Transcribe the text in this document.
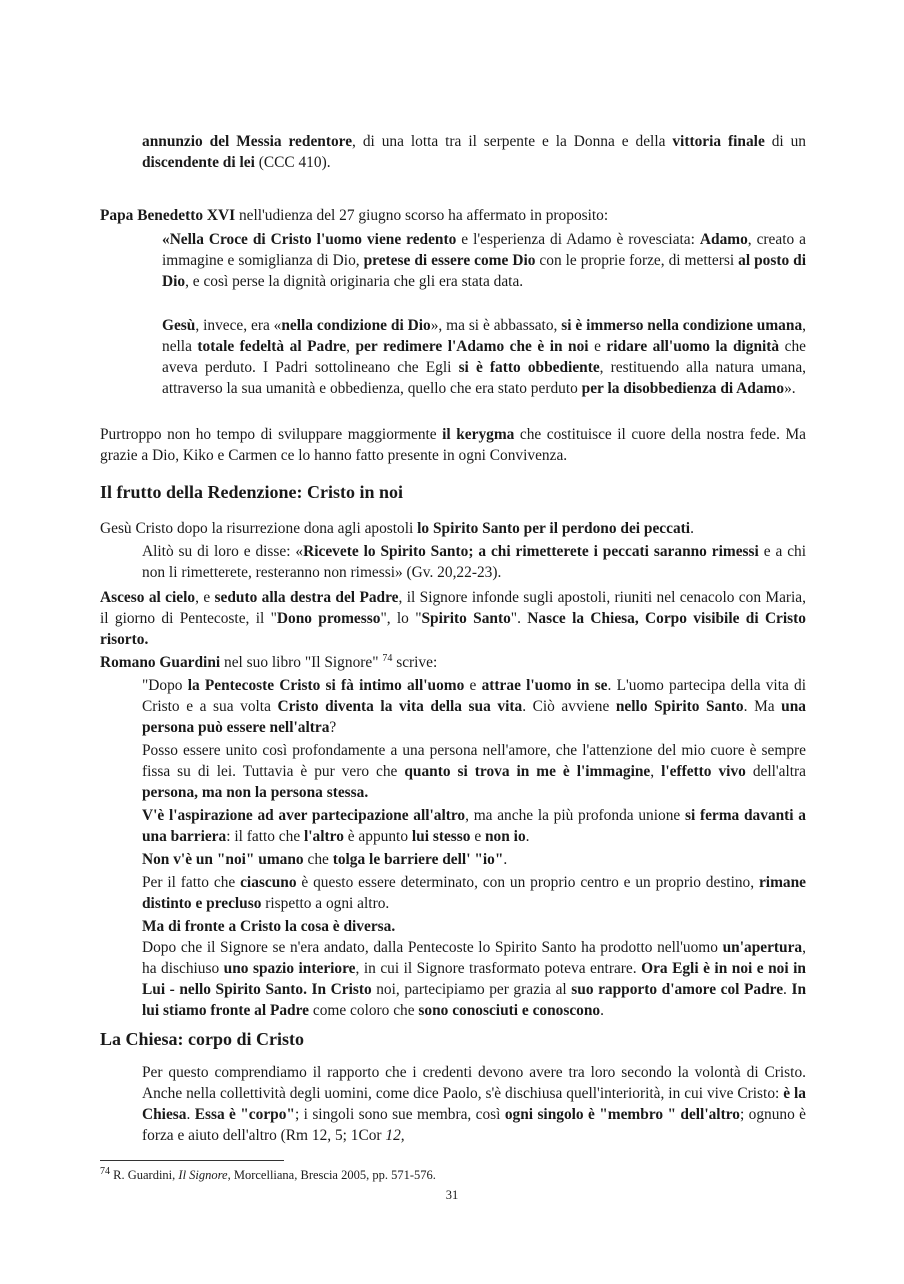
annunzio del Messia redentore, di una lotta tra il serpente e la Donna e della vittoria finale di un discendente di lei (CCC 410).

Papa Benedetto XVI nell'udienza del 27 giugno scorso ha affermato in proposito:

«Nella Croce di Cristo l'uomo viene redento e l'esperienza di Adamo è rovesciata: Adamo, creato a immagine e somiglianza di Dio, pretese di essere come Dio con le proprie forze, di mettersi al posto di Dio, e così perse la dignità originaria che gli era stata data.

Gesù, invece, era «nella condizione di Dio», ma si è abbassato, si è immerso nella condizione umana, nella totale fedeltà al Padre, per redimere l'Adamo che è in noi e ridare all'uomo la dignità che aveva perduto. I Padri sottolineano che Egli si è fatto obbediente, restituendo alla natura umana, attraverso la sua umanità e obbedienza, quello che era stato perduto per la disobbedienza di Adamo».

Purtroppo non ho tempo di sviluppare maggiormente il kerygma che costituisce il cuore della nostra fede. Ma grazie a Dio, Kiko e Carmen ce lo hanno fatto presente in ogni Convivenza.

Il frutto della Redenzione: Cristo in noi

Gesù Cristo dopo la risurrezione dona agli apostoli lo Spirito Santo per il perdono dei peccati.

Alitò su di loro e disse: «Ricevete lo Spirito Santo; a chi rimetterete i peccati saranno rimessi e a chi non li rimetterete, resteranno non rimessi» (Gv. 20,22-23).

Asceso al cielo, e seduto alla destra del Padre, il Signore infonde sugli apostoli, riuniti nel cenacolo con Maria, il giorno di Pentecoste, il "Dono promesso", lo "Spirito Santo". Nasce la Chiesa, Corpo visibile di Cristo risorto.

Romano Guardini nel suo libro "Il Signore" $^{74}$ scrive:

"Dopo la Pentecoste Cristo si fà intimo all'uomo e attrae l'uomo in se. L'uomo partecipa della vita di Cristo e a sua volta Cristo diventa la vita della sua vita. Ciò avviene nello Spirito Santo. Ma una persona può essere nell'altra?

Posso essere unito così profondamente a una persona nell'amore, che l'attenzione del mio cuore è sempre fissa su di lei. Tuttavia è pur vero che quanto si trova in me è l'immagine, l'effetto vivo dell'altra persona, ma non la persona stessa.

V'è l'aspirazione ad aver partecipazione all'altro, ma anche la più profonda unione si ferma davanti a una barriera: il fatto che l'altro è appunto lui stesso e non io.

Non v'è un "noi" umano che tolga le barriere dell' "io".

Per il fatto che ciascuno è questo essere determinato, con un proprio centro e un proprio destino, rimane distinto e precluso rispetto a ogni altro.

Ma di fronte a Cristo la cosa è diversa.

Dopo che il Signore se n'era andato, dalla Pentecoste lo Spirito Santo ha prodotto nell'uomo un'apertura, ha dischiuso uno spazio interiore, in cui il Signore trasformato poteva entrare. Ora Egli è in noi e noi in Lui - nello Spirito Santo. In Cristo noi, partecipiamo per grazia al suo rapporto d'amore col Padre. In lui stiamo fronte al Padre come coloro che sono conosciuti e conoscono.

La Chiesa: corpo di Cristo

Per questo comprendiamo il rapporto che i credenti devono avere tra loro secondo la volontà di Cristo. Anche nella collettività degli uomini, come dice Paolo, s'è dischiusa quell'interiorità, in cui vive Cristo: è la Chiesa. Essa è "corpo"; i singoli sono sue membra, così ogni singolo è "membro " dell'altro; ognuno è forza e aiuto dell'altro (Rm 12, 5; 1Cor 12,

$^{74}$ R. Guardini, Il Signore, Morcelliana, Brescia 2005, pp. 571-576.

31
